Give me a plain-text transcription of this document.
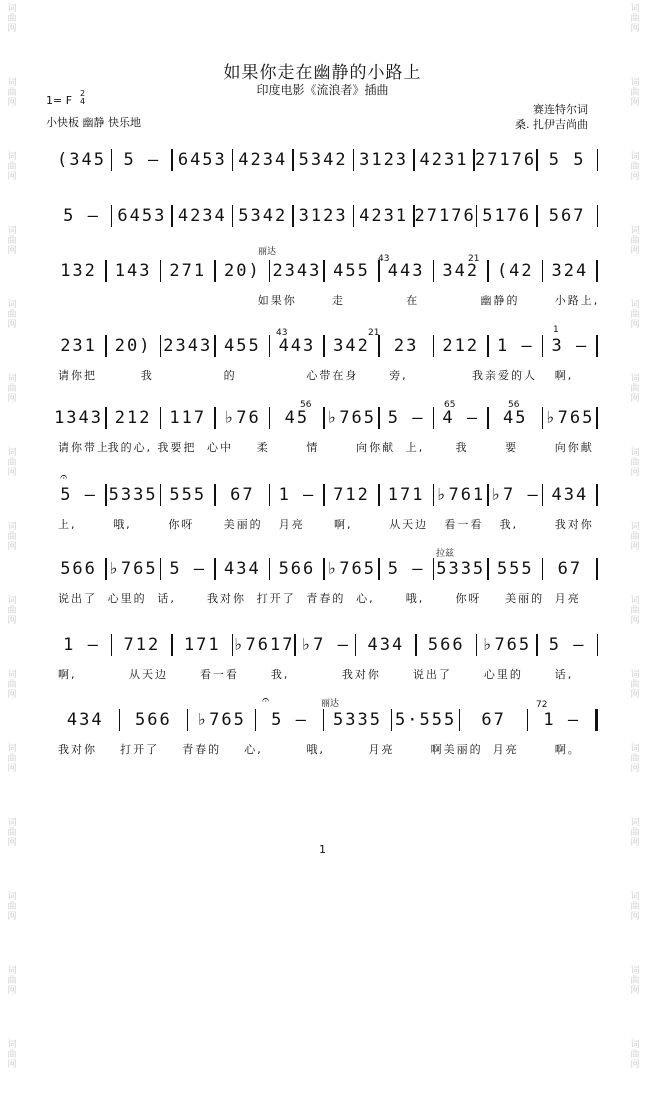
词曲网
词曲网
词曲网
词曲网
词曲网
词曲网
词曲网
词曲网
词曲网
词曲网
词曲网
词曲网
词曲网
词曲网
词曲网
词曲网
词曲网
词曲网
词曲网
词曲网
词曲网
词曲网
词曲网
词曲网
词曲网
词曲网
词曲网
词曲网
词曲网
词曲网
如果你走在幽静的小路上
印度电影《流浪者》插曲
1= F
2
4
小快板 幽静 快乐地
赛连特尔词
桑. 扎伊吉尚曲
(345	5 –	6453 4234 5342 3123 4231 27176 5 5
5 –	6453 4234 5342 3123 4231 27176 5176	567
132	143	271	20) 2343 455	443	342	(42	324
231	20) 2343 455	443	342	23	212	1 –	3 –
1343 212	117	♭76	45	♭765 5 –	4 –	45	♭765
5 – 5335 555	67	1 –	712	171 ♭761 ♭7 – 434
566 ♭765 5 –	434	566 ♭765 5 – 5335 555	67
1 –	712	171 ♭7617 ♭7 –	434	566	♭765	5 –
434	566	♭765	5 –	5335 5·555	67	1 –
如果你	走	在	幽静的	小路上,
请你把	我	的	心带在身	旁,	我亲爱的人 啊,
请你带上
我的心, 我要把 心中 柔	情	向你献 上,	我	要	向你献
上,	哦,	你呀	美丽的 月亮	啊,	从天边 看一看 我,	我对你
说出了 心里的 话,	我对你 打开了 青春的 心,	哦,	你呀 美丽的 月亮
啊,	从天边	看一看	我,	我对你	说出了	心里的	话,
我对你 打开了 青春的 心,	哦,	月亮	啊美丽的 月亮	啊。
丽达
43	21
43	21	1
56	65	56
拉兹
丽达	72
𝄐
𝄐
1
